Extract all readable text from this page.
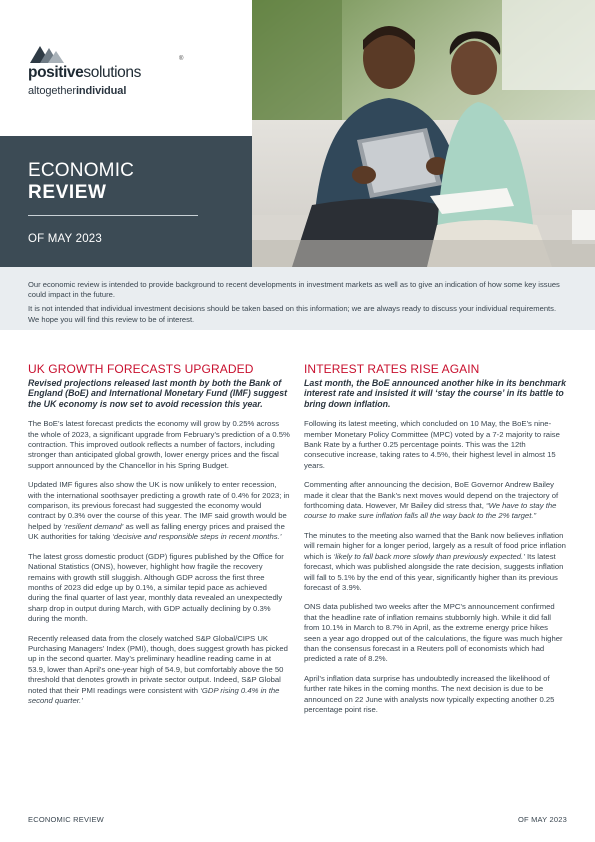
positivesolutions
®
altogetherindividual
ECONOMIC
REVIEW
OF MAY 2023

Our economic review is intended to provide background to recent developments in investment markets as well as to give an indication of how some key issues could impact in the future.

It is not intended that individual investment decisions should be taken based on this information; we are always ready to discuss your individual requirements. We hope you will find this review to be of interest.

UK GROWTH FORECASTS UPGRADED

Revised projections released last month by both the Bank of England (BoE) and International Monetary Fund (IMF) suggest the UK economy is now set to avoid recession this year.

The BoE’s latest forecast predicts the economy will grow by 0.25% across the whole of 2023, a significant upgrade from February’s prediction of a 0.5% contraction. This improved outlook reflects a number of factors, including stronger than anticipated global growth, lower energy prices and the fiscal support announced by the Chancellor in his Spring Budget.

Updated IMF figures also show the UK is now unlikely to enter recession, with the international soothsayer predicting a growth rate of 0.4% for 2023; in comparison, its previous forecast had suggested the economy would contract by 0.3% over the course of this year. The IMF said growth would be helped by ‘resilient demand’ as well as falling energy prices and praised the UK authorities for taking ‘decisive and responsible steps in recent months.’

The latest gross domestic product (GDP) figures published by the Office for National Statistics (ONS), however, highlight how fragile the recovery remains with growth still sluggish. Although GDP across the first three months of 2023 did edge up by 0.1%, a similar tepid pace as achieved during the final quarter of last year, monthly data revealed an unexpectedly sharp drop in output during March, with GDP actually declining by 0.3% during the month.

Recently released data from the closely watched S&P Global/CIPS UK Purchasing Managers’ Index (PMI), though, does suggest growth has picked up in the second quarter. May’s preliminary headline reading came in at 53.9, lower than April’s one-year high of 54.9, but comfortably above the 50 threshold that denotes growth in private sector output. Indeed, S&P Global noted that their PMI readings were consistent with ‘GDP rising 0.4% in the second quarter.’

INTEREST RATES RISE AGAIN

Last month, the BoE announced another hike in its benchmark interest rate and insisted it will ‘stay the course’ in its battle to bring down inflation.

Following its latest meeting, which concluded on 10 May, the BoE’s nine-member Monetary Policy Committee (MPC) voted by a 7-2 majority to raise Bank Rate by a further 0.25 percentage points. This was the 12th consecutive increase, taking rates to 4.5%, their highest level in almost 15 years.

Commenting after announcing the decision, BoE Governor Andrew Bailey made it clear that the Bank’s next moves would depend on the trajectory of forthcoming data. However, Mr Bailey did stress that, “We have to stay the course to make sure inflation falls all the way back to the 2% target.”

The minutes to the meeting also warned that the Bank now believes inflation will remain higher for a longer period, largely as a result of food price inflation which is ‘likely to fall back more slowly than previously expected.’ Its latest forecast, which was published alongside the rate decision, suggests inflation will fall to 5.1% by the end of this year, significantly higher than its previous forecast of 3.9%.

ONS data published two weeks after the MPC’s announcement confirmed that the headline rate of inflation remains stubbornly high. While it did fall from 10.1% in March to 8.7% in April, as the extreme energy price hikes seen a year ago dropped out of the calculations, the figure was much higher than the consensus forecast in a Reuters poll of economists which had predicted a rate of 8.2%.

April’s inflation data surprise has undoubtedly increased the likelihood of further rate hikes in the coming months. The next decision is due to be announced on 22 June with analysts now typically expecting another 0.25 percentage point rise.

ECONOMIC REVIEW	OF MAY 2023
